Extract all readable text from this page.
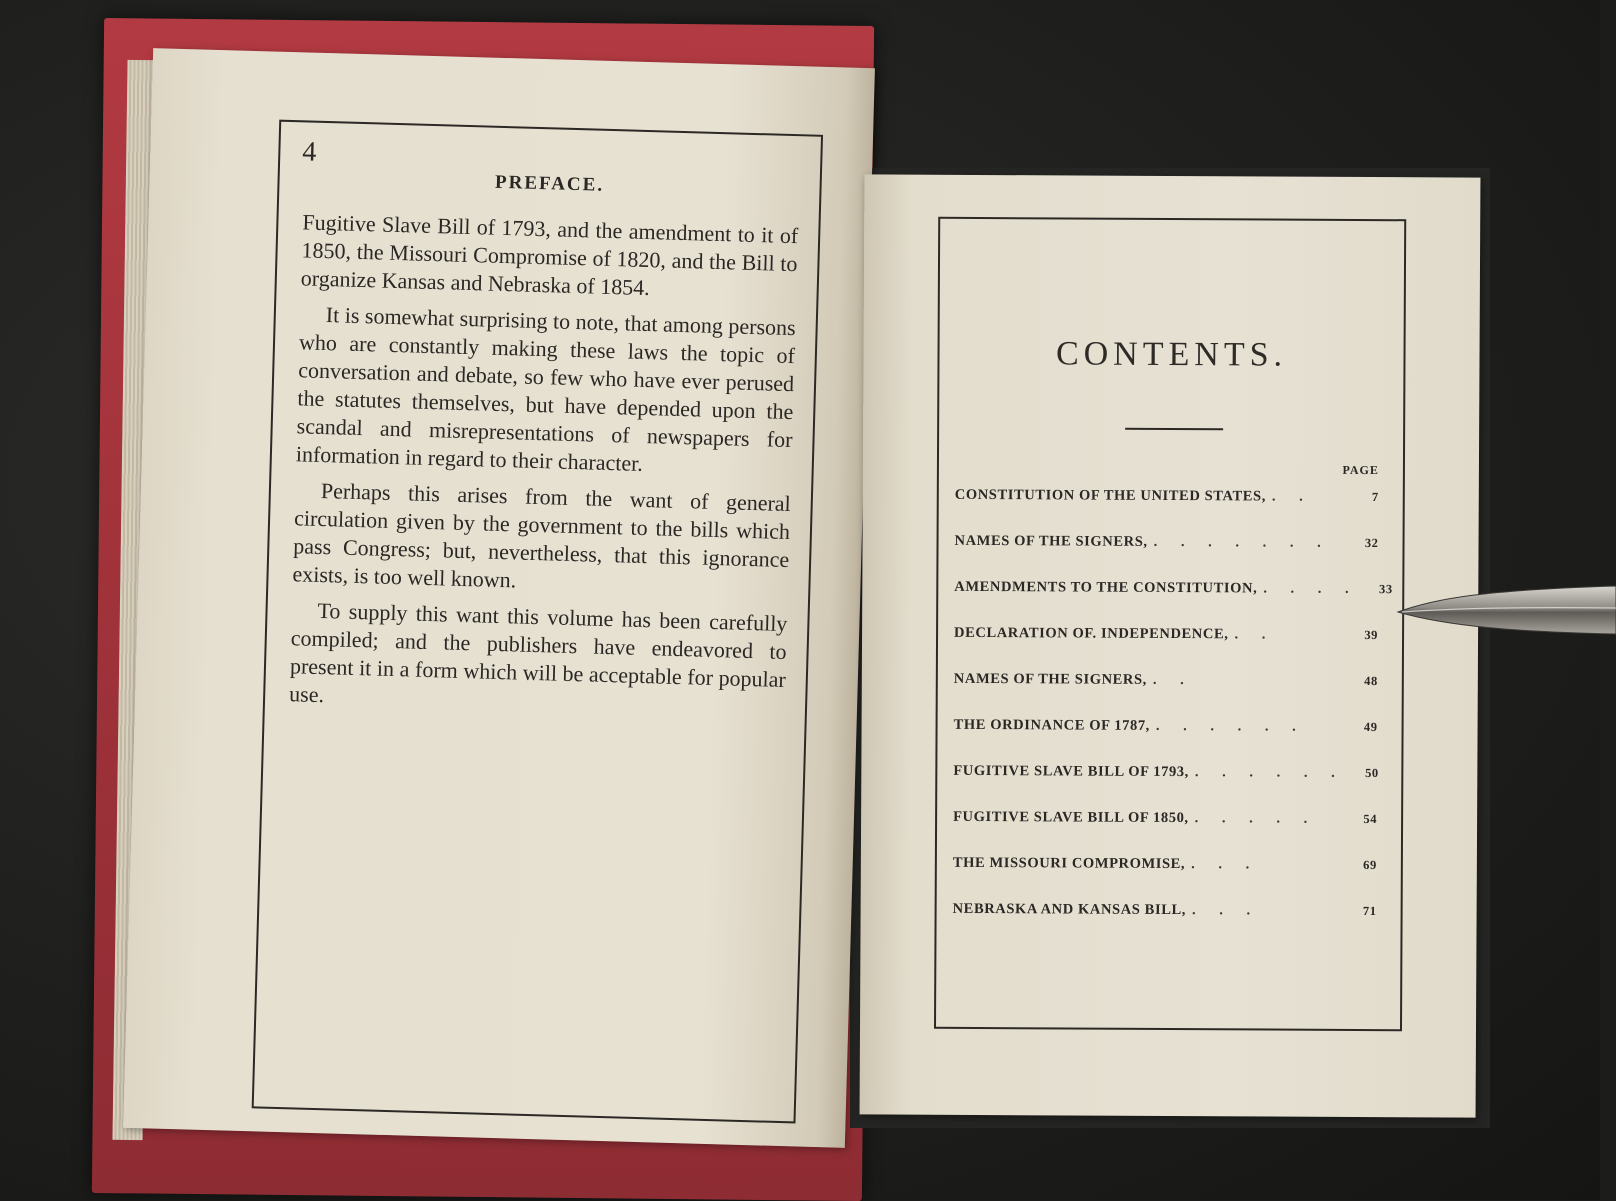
4
PREFACE.

Fugitive Slave Bill of 1793, and the amendment to it of 1850, the Missouri Compromise of 1820, and the Bill to organize Kansas and Nebraska of 1854.

It is somewhat surprising to note, that among persons who are constantly making these laws the topic of conversation and debate, so few who have ever perused the statutes themselves, but have depended upon the scandal and misrepresentations of newspapers for information in regard to their character.

Perhaps this arises from the want of general circulation given by the government to the bills which pass Congress; but, nevertheless, that this ignorance exists, is too well known.

To supply this want this volume has been carefully compiled; and the publishers have endeavored to present it in a form which will be acceptable for popular use.

CONTENTS.
PAGE
CONSTITUTION OF THE UNITED STATES, . .	7
NAMES OF THE SIGNERS, . . . . . . .	32
AMENDMENTS TO THE CONSTITUTION, . . . .	33
DECLARATION OF. INDEPENDENCE, . .	39
NAMES OF THE SIGNERS, . .	48
THE ORDINANCE OF 1787, . . . . . .	49
FUGITIVE SLAVE BILL OF 1793, . . . . . .	50
FUGITIVE SLAVE BILL OF 1850, . . . . .	54
THE MISSOURI COMPROMISE, . . .	69
NEBRASKA AND KANSAS BILL, . . .	71
